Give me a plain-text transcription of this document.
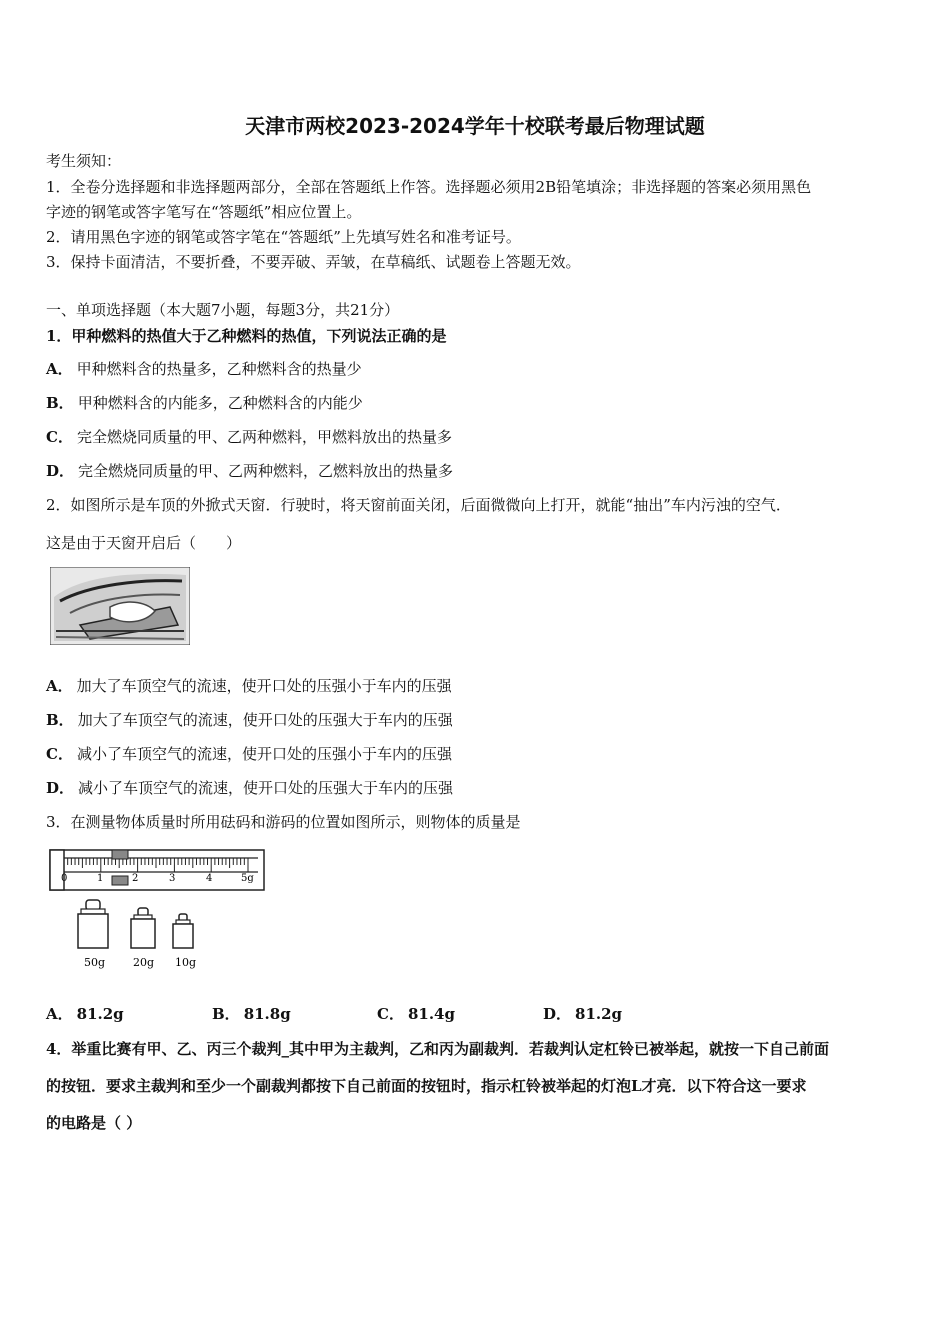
天津市两校2023-2024学年十校联考最后物理试题
考生须知：
1．全卷分选择题和非选择题两部分，全部在答题纸上作答。选择题必须用2B铅笔填涂；非选择题的答案必须用黑色
字迹的钢笔或答字笔写在“答题纸”相应位置上。
2．请用黑色字迹的钢笔或答字笔在“答题纸”上先填写姓名和准考证号。
3．保持卡面清洁，不要折叠，不要弄破、弄皱，在草稿纸、试题卷上答题无效。
一、单项选择题（本大题7小题，每题3分，共21分）
1．甲种燃料的热值大于乙种燃料的热值，下列说法正确的是
A． 甲种燃料含的热量多，乙种燃料含的热量少
B． 甲种燃料含的内能多，乙种燃料含的内能少
C． 完全燃烧同质量的甲、乙两种燃料，甲燃料放出的热量多
D． 完全燃烧同质量的甲、乙两种燃料，乙燃料放出的热量多
2．如图所示是车顶的外掀式天窗．行驶时，将天窗前面关闭，后面微微向上打开，就能“抽出”车内污浊的空气．
这是由于天窗开启后（　　）
A． 加大了车顶空气的流速，使开口处的压强小于车内的压强
B． 加大了车顶空气的流速，使开口处的压强大于车内的压强
C． 减小了车顶空气的流速，使开口处的压强小于车内的压强
D． 减小了车顶空气的流速，使开口处的压强大于车内的压强
3．在测量物体质量时所用砝码和游码的位置如图所示，则物体的质量是
0	1	2	3	4	5g
50g	20g 10g
A． 81.2g	B． 81.8g	C． 81.4g	D． 81.2g
4．举重比赛有甲、乙、丙三个裁判_其中甲为主裁判，乙和丙为副裁判．若裁判认定杠铃已被举起，就按一下自己前面
的按钮．要求主裁判和至少一个副裁判都按下自己前面的按钮时，指示杠铃被举起的灯泡L才亮．以下符合这一要求
的电路是（ ）
